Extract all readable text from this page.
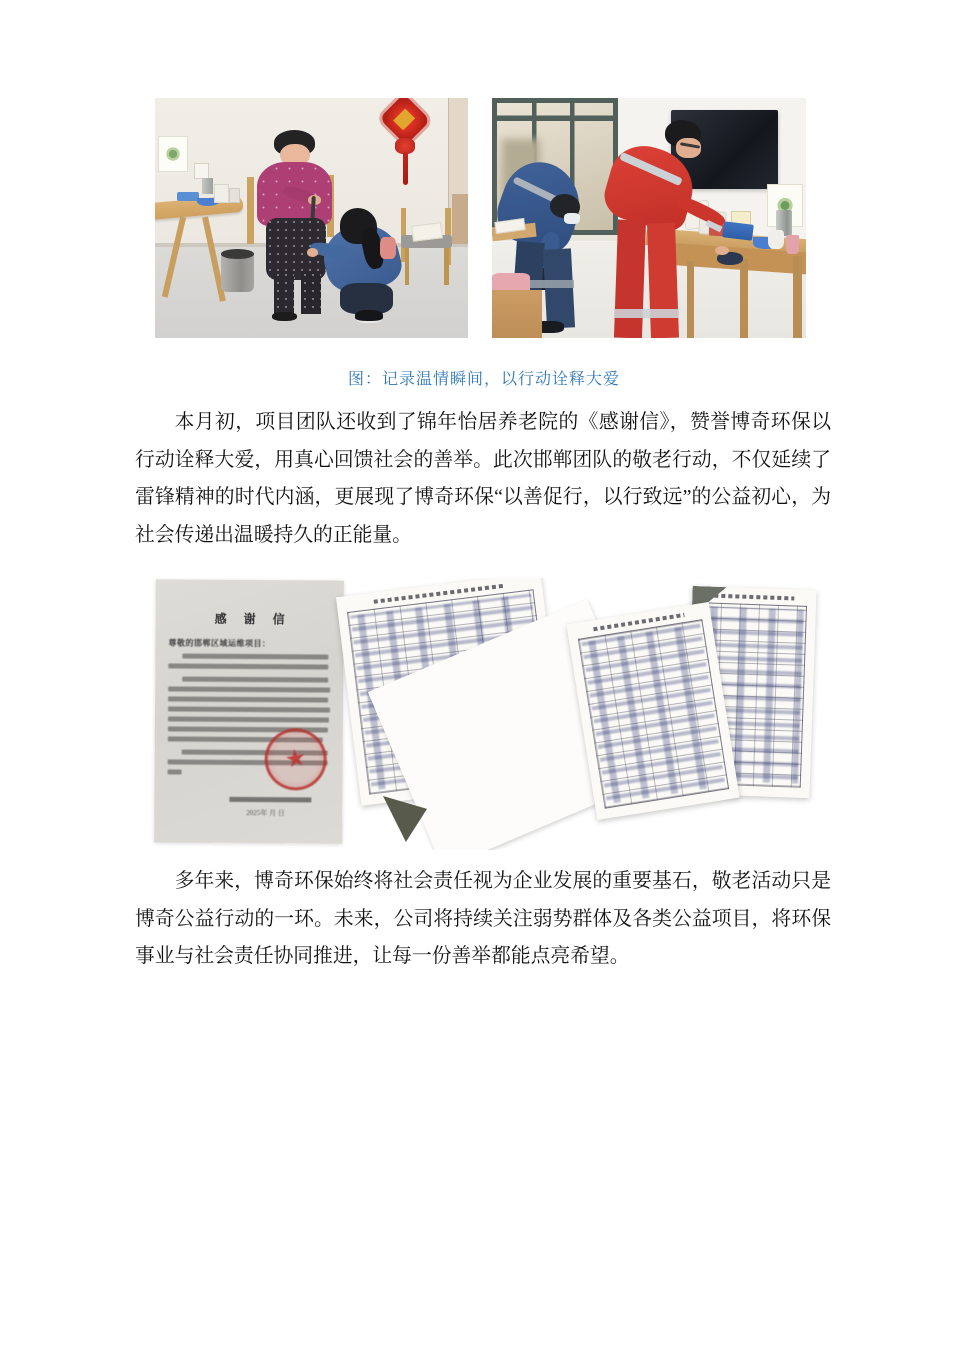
图：记录温情瞬间，以行动诠释大爱
本月初，项目团队还收到了锦年怡居养老院的《感谢信》，赞誉博奇环保以行动诠释大爱，用真心回馈社会的善举。此次邯郸团队的敬老行动，不仅延续了雷锋精神的时代内涵，更展现了博奇环保“以善促行，以行致远”的公益初心，为社会传递出温暖持久的正能量。
感 谢 信
尊敬的邯郸区域运维项目：
2025年 月 日
★
多年来，博奇环保始终将社会责任视为企业发展的重要基石，敬老活动只是博奇公益行动的一环。未来，公司将持续关注弱势群体及各类公益项目，将环保事业与社会责任协同推进，让每一份善举都能点亮希望。
